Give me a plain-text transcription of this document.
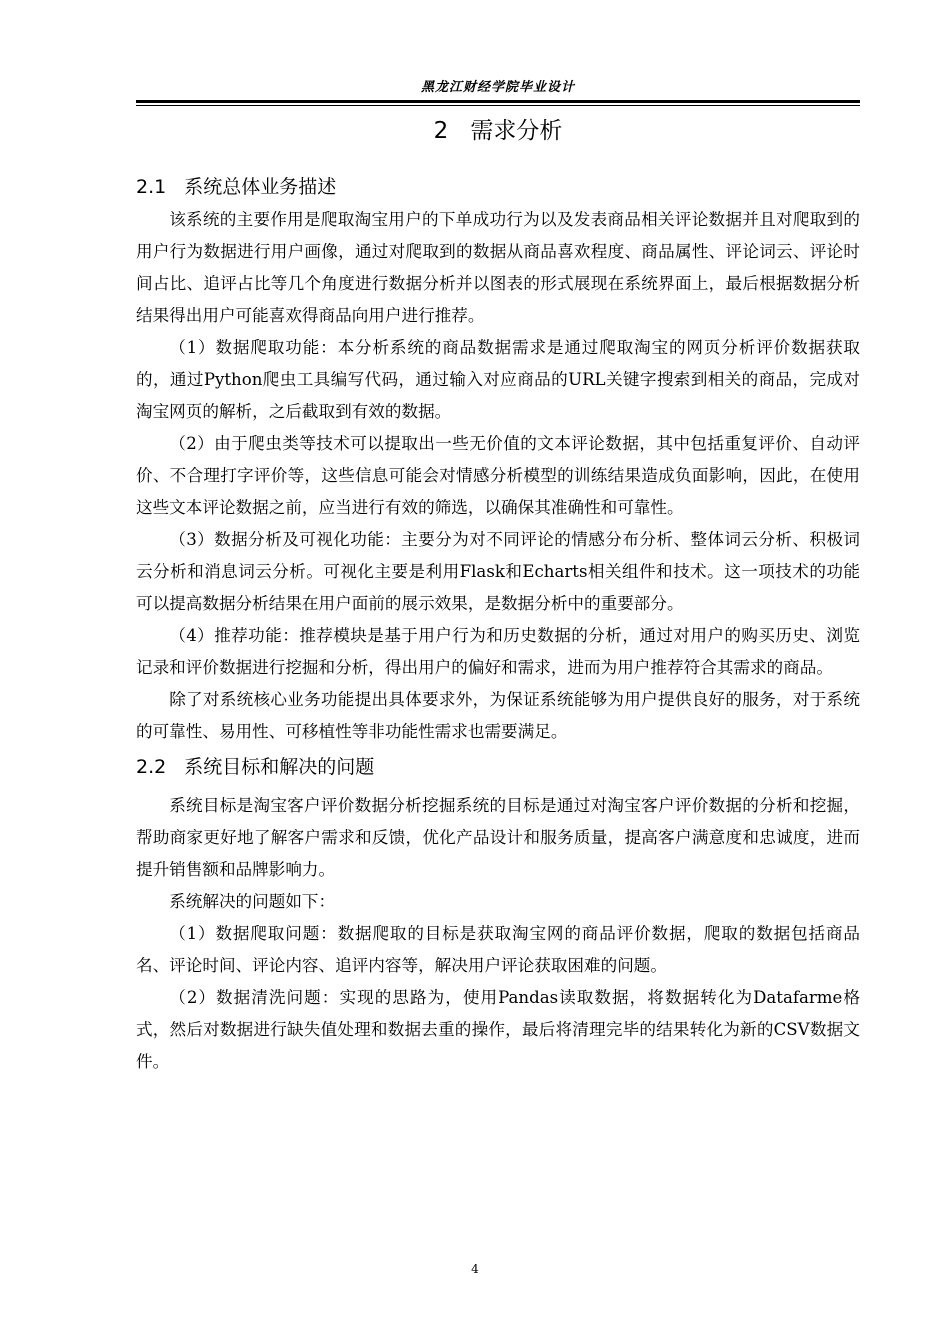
黑龙江财经学院毕业设计
2 需求分析
2.1 系统总体业务描述

该系统的主要作用是爬取淘宝用户的下单成功行为以及发表商品相关评论数据并且对爬取到的用户行为数据进行用户画像，通过对爬取到的数据从商品喜欢程度、商品属性、评论词云、评论时间占比、追评占比等几个角度进行数据分析并以图表的形式展现在系统界面上，最后根据数据分析结果得出用户可能喜欢得商品向用户进行推荐。

（1）数据爬取功能：本分析系统的商品数据需求是通过爬取淘宝的网页分析评价数据获取的，通过Python爬虫工具编写代码，通过输入对应商品的URL关键字搜索到相关的商品，完成对淘宝网页的解析，之后截取到有效的数据。

（2）由于爬虫类等技术可以提取出一些无价值的文本评论数据，其中包括重复评价、自动评价、不合理打字评价等，这些信息可能会对情感分析模型的训练结果造成负面影响，因此，在使用这些文本评论数据之前，应当进行有效的筛选，以确保其准确性和可靠性。

（3）数据分析及可视化功能：主要分为对不同评论的情感分布分析、整体词云分析、积极词云分析和消息词云分析。可视化主要是利用Flask和Echarts相关组件和技术。这一项技术的功能可以提高数据分析结果在用户面前的展示效果，是数据分析中的重要部分。

（4）推荐功能：推荐模块是基于用户行为和历史数据的分析，通过对用户的购买历史、浏览记录和评价数据进行挖掘和分析，得出用户的偏好和需求，进而为用户推荐符合其需求的商品。

除了对系统核心业务功能提出具体要求外，为保证系统能够为用户提供良好的服务，对于系统的可靠性、易用性、可移植性等非功能性需求也需要满足。

2.2 系统目标和解决的问题

系统目标是淘宝客户评价数据分析挖掘系统的目标是通过对淘宝客户评价数据的分析和挖掘，帮助商家更好地了解客户需求和反馈，优化产品设计和服务质量，提高客户满意度和忠诚度，进而提升销售额和品牌影响力。

系统解决的问题如下：

（1）数据爬取问题：数据爬取的目标是获取淘宝网的商品评价数据，爬取的数据包括商品名、评论时间、评论内容、追评内容等，解决用户评论获取困难的问题。

（2）数据清洗问题：实现的思路为，使用Pandas读取数据，将数据转化为Datafarme格式，然后对数据进行缺失值处理和数据去重的操作，最后将清理完毕的结果转化为新的CSV数据文件。

4
